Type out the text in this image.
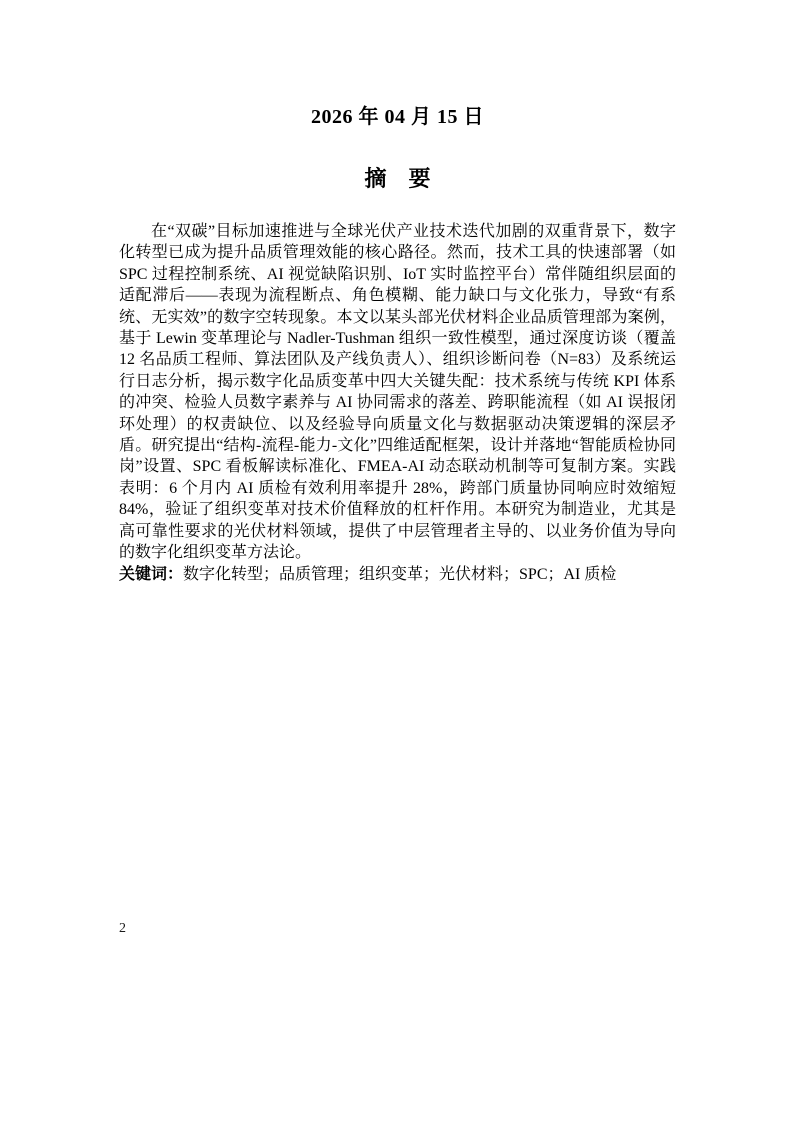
2026 年 04 月 15 日
摘　要

在“双碳”目标加速推进与全球光伏产业技术迭代加剧的双重背景下，数字化转型已成为提升品质管理效能的核心路径。然而，技术工具的快速部署（如 SPC 过程控制系统、AI 视觉缺陷识别、IoT 实时监控平台）常伴随组织层面的适配滞后——表现为流程断点、角色模糊、能力缺口与文化张力，导致“有系统、无实效”的数字空转现象。本文以某头部光伏材料企业品质管理部为案例，基于 Lewin 变革理论与 Nadler-Tushman 组织一致性模型，通过深度访谈（覆盖 12 名品质工程师、算法团队及产线负责人）、组织诊断问卷（N=83）及系统运行日志分析，揭示数字化品质变革中四大关键失配：技术系统与传统 KPI 体系的冲突、检验人员数字素养与 AI 协同需求的落差、跨职能流程（如 AI 误报闭环处理）的权责缺位、以及经验导向质量文化与数据驱动决策逻辑的深层矛盾。研究提出“结构-流程-能力-文化”四维适配框架，设计并落地“智能质检协同岗”设置、SPC 看板解读标准化、FMEA-AI 动态联动机制等可复制方案。实践表明：6 个月内 AI 质检有效利用率提升 28%，跨部门质量协同响应时效缩短 84%，验证了组织变革对技术价值释放的杠杆作用。本研究为制造业，尤其是高可靠性要求的光伏材料领域，提供了中层管理者主导的、以业务价值为导向的数字化组织变革方法论。

关键词：数字化转型；品质管理；组织变革；光伏材料；SPC；AI 质检

2
